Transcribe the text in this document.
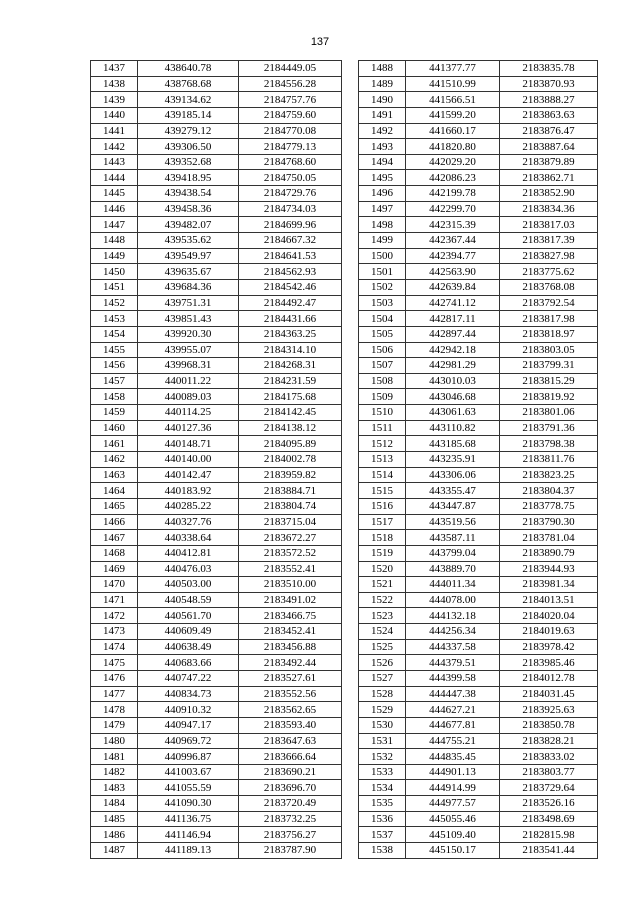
137
1437	438640.78	2184449.05
1438	438768.68	2184556.28
1439	439134.62	2184757.76
1440	439185.14	2184759.60
1441	439279.12	2184770.08
1442	439306.50	2184779.13
1443	439352.68	2184768.60
1444	439418.95	2184750.05
1445	439438.54	2184729.76
1446	439458.36	2184734.03
1447	439482.07	2184699.96
1448	439535.62	2184667.32
1449	439549.97	2184641.53
1450	439635.67	2184562.93
1451	439684.36	2184542.46
1452	439751.31	2184492.47
1453	439851.43	2184431.66
1454	439920.30	2184363.25
1455	439955.07	2184314.10
1456	439968.31	2184268.31
1457	440011.22	2184231.59
1458	440089.03	2184175.68
1459	440114.25	2184142.45
1460	440127.36	2184138.12
1461	440148.71	2184095.89
1462	440140.00	2184002.78
1463	440142.47	2183959.82
1464	440183.92	2183884.71
1465	440285.22	2183804.74
1466	440327.76	2183715.04
1467	440338.64	2183672.27
1468	440412.81	2183572.52
1469	440476.03	2183552.41
1470	440503.00	2183510.00
1471	440548.59	2183491.02
1472	440561.70	2183466.75
1473	440609.49	2183452.41
1474	440638.49	2183456.88
1475	440683.66	2183492.44
1476	440747.22	2183527.61
1477	440834.73	2183552.56
1478	440910.32	2183562.65
1479	440947.17	2183593.40
1480	440969.72	2183647.63
1481	440996.87	2183666.64
1482	441003.67	2183690.21
1483	441055.59	2183696.70
1484	441090.30	2183720.49
1485	441136.75	2183732.25
1486	441146.94	2183756.27
1487	441189.13	2183787.90
1488	441377.77	2183835.78
1489	441510.99	2183870.93
1490	441566.51	2183888.27
1491	441599.20	2183863.63
1492	441660.17	2183876.47
1493	441820.80	2183887.64
1494	442029.20	2183879.89
1495	442086.23	2183862.71
1496	442199.78	2183852.90
1497	442299.70	2183834.36
1498	442315.39	2183817.03
1499	442367.44	2183817.39
1500	442394.77	2183827.98
1501	442563.90	2183775.62
1502	442639.84	2183768.08
1503	442741.12	2183792.54
1504	442817.11	2183817.98
1505	442897.44	2183818.97
1506	442942.18	2183803.05
1507	442981.29	2183799.31
1508	443010.03	2183815.29
1509	443046.68	2183819.92
1510	443061.63	2183801.06
1511	443110.82	2183791.36
1512	443185.68	2183798.38
1513	443235.91	2183811.76
1514	443306.06	2183823.25
1515	443355.47	2183804.37
1516	443447.87	2183778.75
1517	443519.56	2183790.30
1518	443587.11	2183781.04
1519	443799.04	2183890.79
1520	443889.70	2183944.93
1521	444011.34	2183981.34
1522	444078.00	2184013.51
1523	444132.18	2184020.04
1524	444256.34	2184019.63
1525	444337.58	2183978.42
1526	444379.51	2183985.46
1527	444399.58	2184012.78
1528	444447.38	2184031.45
1529	444627.21	2183925.63
1530	444677.81	2183850.78
1531	444755.21	2183828.21
1532	444835.45	2183833.02
1533	444901.13	2183803.77
1534	444914.99	2183729.64
1535	444977.57	2183526.16
1536	445055.46	2183498.69
1537	445109.40	2182815.98
1538	445150.17	2183541.44
